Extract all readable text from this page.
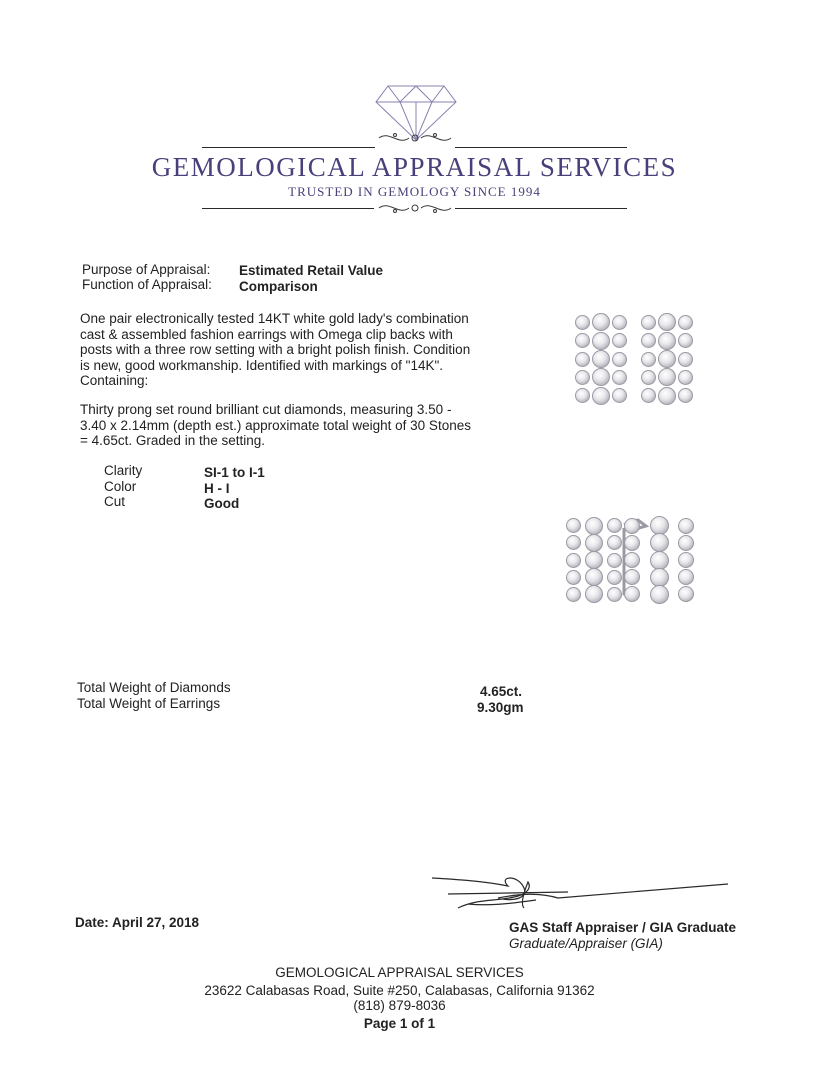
GEMOLOGICAL APPRAISAL SERVICES
TRUSTED IN GEMOLOGY SINCE 1994
Purpose of Appraisal: Estimated Retail Value
Function of Appraisal: Comparison
One pair electronically tested 14KT white gold lady's combination
cast & assembled fashion earrings with Omega clip backs with
posts with a three row setting with a bright polish finish. Condition
is new, good workmanship. Identified with markings of "14K".
Containing:
Thirty prong set round brilliant cut diamonds, measuring 3.50 -
3.40 x 2.14mm (depth est.) approximate total weight of 30 Stones
= 4.65ct. Graded in the setting.
Clarity	SI-1 to I-1
Color	H - I
Cut	Good
Total Weight of Diamonds	4.65ct.
Total Weight of Earrings	9.30gm
Date: April 27, 2018	GAS Staff Appraiser / GIA Graduate
Graduate/Appraiser (GIA)
GEMOLOGICAL APPRAISAL SERVICES
23622 Calabasas Road, Suite #250, Calabasas, California 91362
(818) 879-8036
Page 1 of 1
